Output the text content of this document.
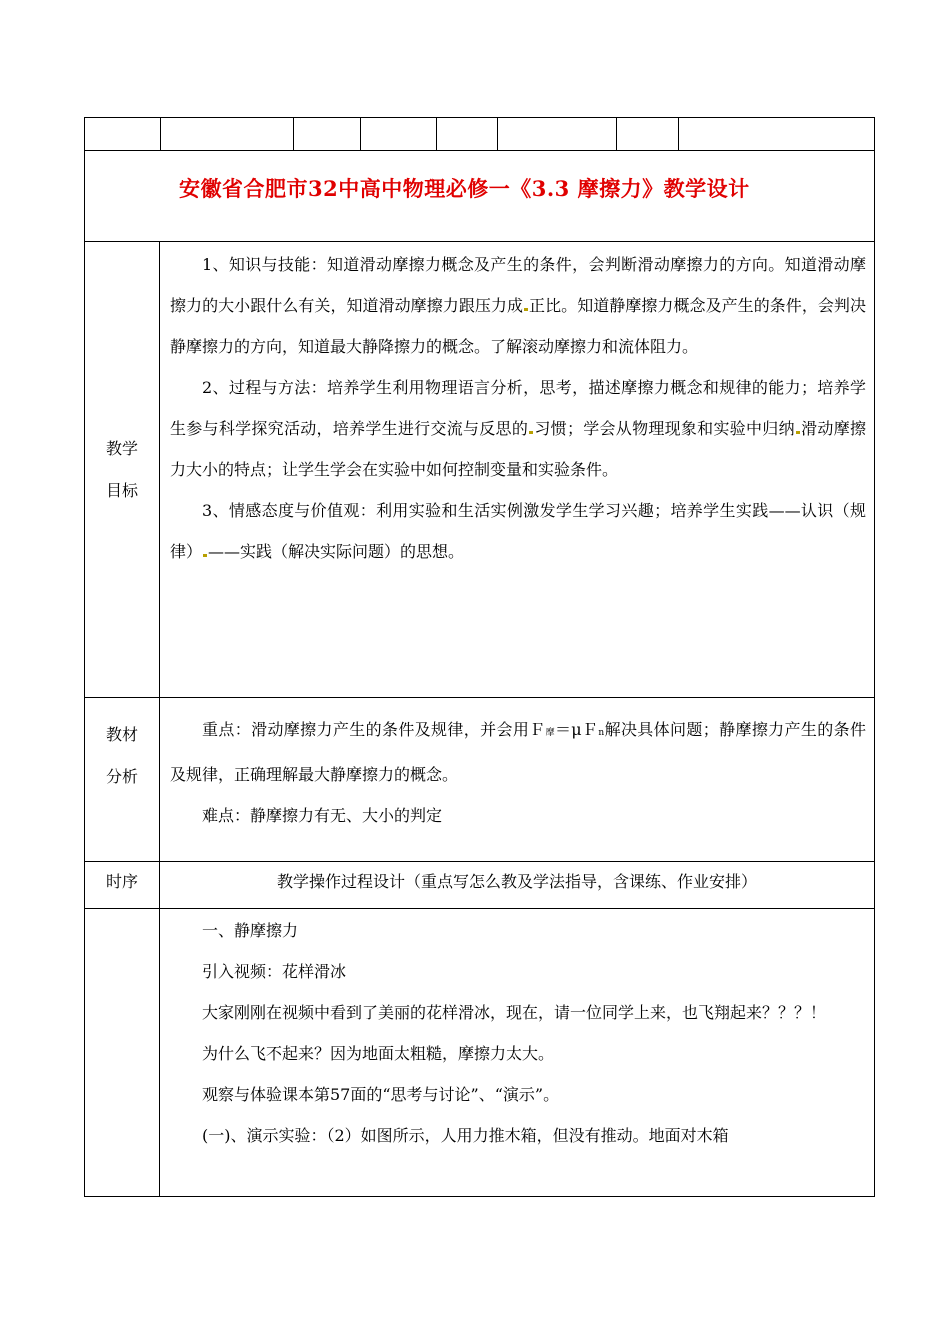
安徽省合肥市32中高中物理必修一《3.3 摩擦力》教学设计
教学
目标

1、知识与技能：知道滑动摩擦力概念及产生的条件，会判断滑动摩擦力的方向。知道滑动摩擦力的大小跟什么有关，知道滑动摩擦力跟压力成 正比。知道静摩擦力概念及产生的条件，会判决静摩擦力的方向，知道最大静降擦力的概念。了解滚动摩擦力和流体阻力。

2、过程与方法：培养学生利用物理语言分析，思考，描述摩擦力概念和规律的能力；培养学生参与科学探究活动，培养学生进行交流与反思的 习惯；学会从物理现象和实验中归纳 滑动摩擦力大小的特点；让学生学会在实验中如何控制变量和实验条件。

3、情感态度与价值观：利用实验和生活实例激发学生学习兴趣；培养学生实践——认识（规律） ——实践（解决实际问题）的思想。

教材
分析

重点：滑动摩擦力产生的条件及规律，并会用Ｆ摩＝μＦn解决具体问题；静摩擦力产生的条件及规律，正确理解最大静摩擦力的概念。

难点：静摩擦力有无、大小的判定

时序	教学操作过程设计（重点写怎么教及学法指导，含课练、作业安排）

一、静摩擦力

引入视频：花样滑冰

大家刚刚在视频中看到了美丽的花样滑冰，现在，请一位同学上来，也飞翔起来？？？！

为什么飞不起来？因为地面太粗糙，摩擦力太大。

观察与体验课本第57面的“思考与讨论”、“演示”。

(一)、演示实验：（2）如图所示，人用力推木箱，但没有推动。地面对木箱
